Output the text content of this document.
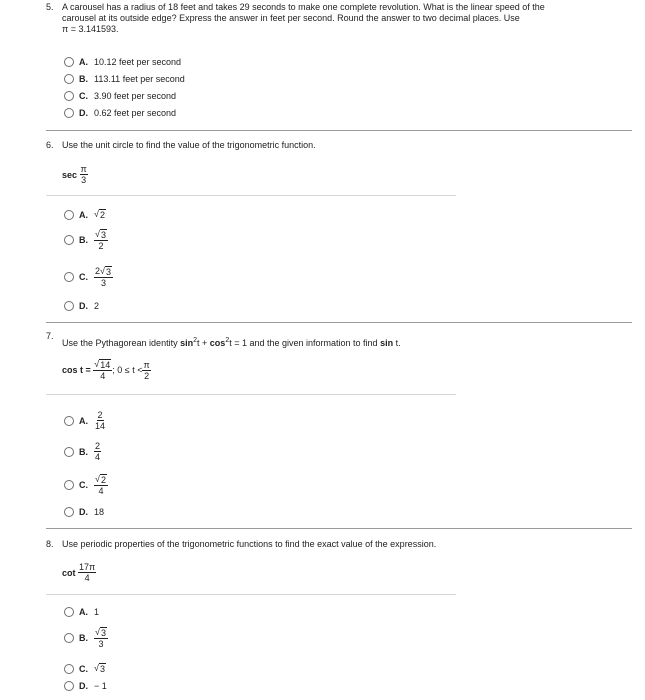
5. A carousel has a radius of 18 feet and takes 29 seconds to make one complete revolution. What is the linear speed of the
carousel at its outside edge? Express the answer in feet per second. Round the answer to two decimal places. Use
π = 3.141593.
A. 10.12 feet per second
B. 113.11 feet per second
C. 3.90 feet per second
D. 0.62 feet per second
6. Use the unit circle to find the value of the trigonometric function.
sec
$\frac{\pi}{3}$
A. √ 2
B. $\frac{√ 3}{2}$
C. $\frac{2√ 3}{3}$
D. 2
7.
Use the Pythagorean identity $\sin^2t + \cos^2t = 1$ and the given information to find sin t.
cos t =
$\frac{√ 14}{4}$ ; $0 \le t < \frac{\pi}{2}$
A. $\frac{2}{14}$
B. $\frac{2}{4}$
C. $\frac{√ 2}{4}$
D. 18
8. Use periodic properties of the trigonometric functions to find the exact value of the expression.
cot
$\frac{17\pi}{4}$
A. 1
B. $\frac{√ 3}{3}$
C. √ 3
D. − 1
